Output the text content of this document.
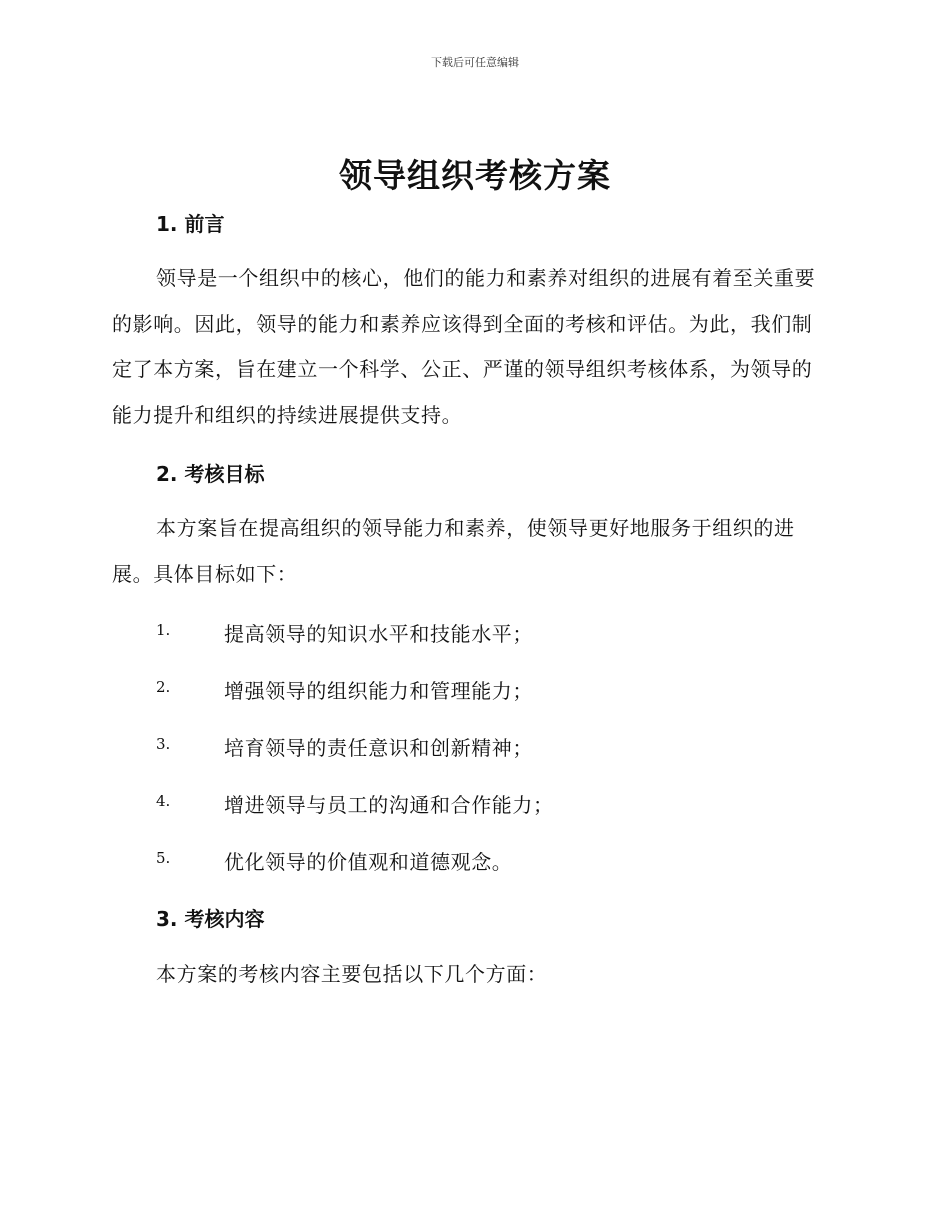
下载后可任意编辑
领导组织考核方案
1. 前言

领导是一个组织中的核心，他们的能力和素养对组织的进展有着至关重要的影响。因此，领导的能力和素养应该得到全面的考核和评估。为此，我们制定了本方案，旨在建立一个科学、公正、严谨的领导组织考核体系，为领导的能力提升和组织的持续进展提供支持。

2. 考核目标

本方案旨在提高组织的领导能力和素养，使领导更好地服务于组织的进展。具体目标如下：

1.	提高领导的知识水平和技能水平；
2.	增强领导的组织能力和管理能力；
3.	培育领导的责任意识和创新精神；
4.	增进领导与员工的沟通和合作能力；
5.	优化领导的价值观和道德观念。
3. 考核内容

本方案的考核内容主要包括以下几个方面：
